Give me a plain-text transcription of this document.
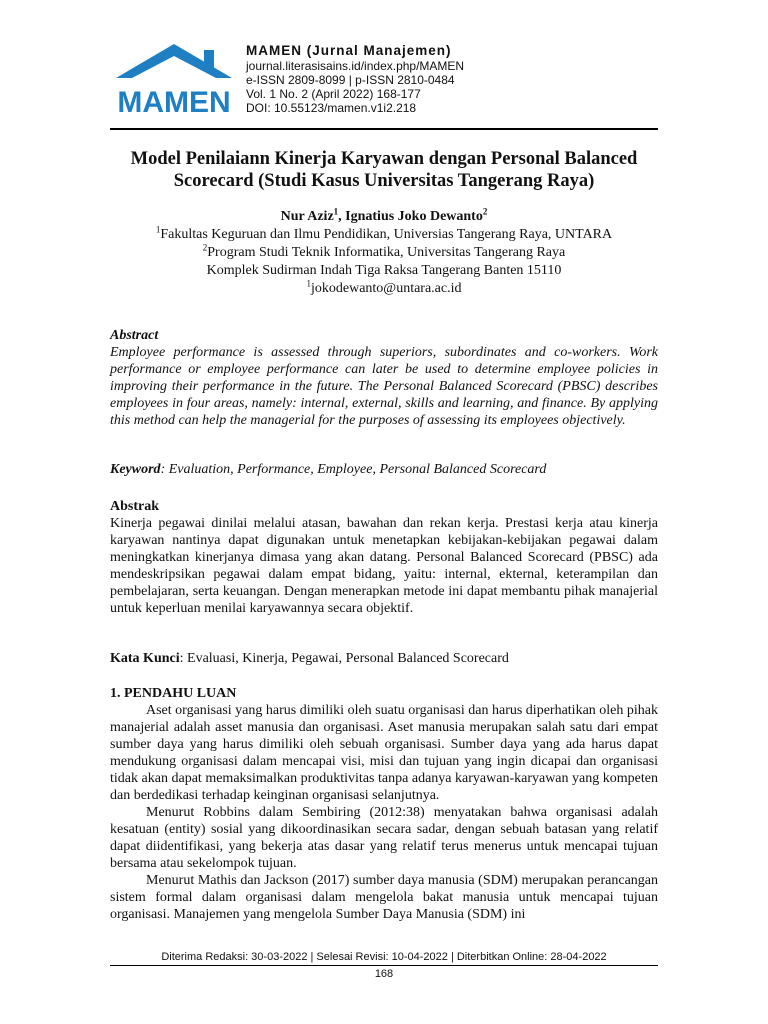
MAMEN
MAMEN (Jurnal Manajemen)
journal.literasisains.id/index.php/MAMEN
e-ISSN 2809-8099 | p-ISSN 2810-0484
Vol. 1 No. 2 (April 2022) 168-177
DOI: 10.55123/mamen.v1i2.218
Model Penilaiann Kinerja Karyawan dengan Personal Balanced
Scorecard (Studi Kasus Universitas Tangerang Raya)
Nur Aziz$^1$, Ignatius Joko Dewanto$^2$
$^1$Fakultas Keguruan dan Ilmu Pendidikan, Universias Tangerang Raya, UNTARA
$^2$Program Studi Teknik Informatika, Universitas Tangerang Raya
Komplek Sudirman Indah Tiga Raksa Tangerang Banten 15110
$^1$jokodewanto@untara.ac.id
Abstract

Employee performance is assessed through superiors, subordinates and co-workers. Work performance or employee performance can later be used to determine employee policies in improving their performance in the future. The Personal Balanced Scorecard (PBSC) describes employees in four areas, namely: internal, external, skills and learning, and finance. By applying this method can help the managerial for the purposes of assessing its employees objectively.

Keyword: Evaluation, Performance, Employee, Personal Balanced Scorecard
Abstrak

Kinerja pegawai dinilai melalui atasan, bawahan dan rekan kerja. Prestasi kerja atau kinerja karyawan nantinya dapat digunakan untuk menetapkan kebijakan-kebijakan pegawai dalam meningkatkan kinerjanya dimasa yang akan datang. Personal Balanced Scorecard (PBSC) ada mendeskripsikan pegawai dalam empat bidang, yaitu: internal, ekternal, keterampilan dan pembelajaran, serta keuangan. Dengan menerapkan metode ini dapat membantu pihak manajerial untuk keperluan menilai karyawannya secara objektif.

Kata Kunci: Evaluasi, Kinerja, Pegawai, Personal Balanced Scorecard
1. PENDAHU LUAN

Aset organisasi yang harus dimiliki oleh suatu organisasi dan harus diperhatikan oleh pihak manajerial adalah asset manusia dan organisasi. Aset manusia merupakan salah satu dari empat sumber daya yang harus dimiliki oleh sebuah organisasi. Sumber daya yang ada harus dapat mendukung organisasi dalam mencapai visi, misi dan tujuan yang ingin dicapai dan organisasi tidak akan dapat memaksimalkan produktivitas tanpa adanya karyawan-karyawan yang kompeten dan berdedikasi terhadap keinginan organisasi selanjutnya.

Menurut Robbins dalam Sembiring (2012:38) menyatakan bahwa organisasi adalah kesatuan (entity) sosial yang dikoordinasikan secara sadar, dengan sebuah batasan yang relatif dapat diidentifikasi, yang bekerja atas dasar yang relatif terus menerus untuk mencapai tujuan bersama atau sekelompok tujuan.

Menurut Mathis dan Jackson (2017) sumber daya manusia (SDM) merupakan perancangan sistem formal dalam organisasi dalam mengelola bakat manusia untuk mencapai tujuan organisasi. Manajemen yang mengelola Sumber Daya Manusia (SDM) ini

Diterima Redaksi: 30-03-2022 | Selesai Revisi: 10-04-2022 | Diterbitkan Online: 28-04-2022
168
